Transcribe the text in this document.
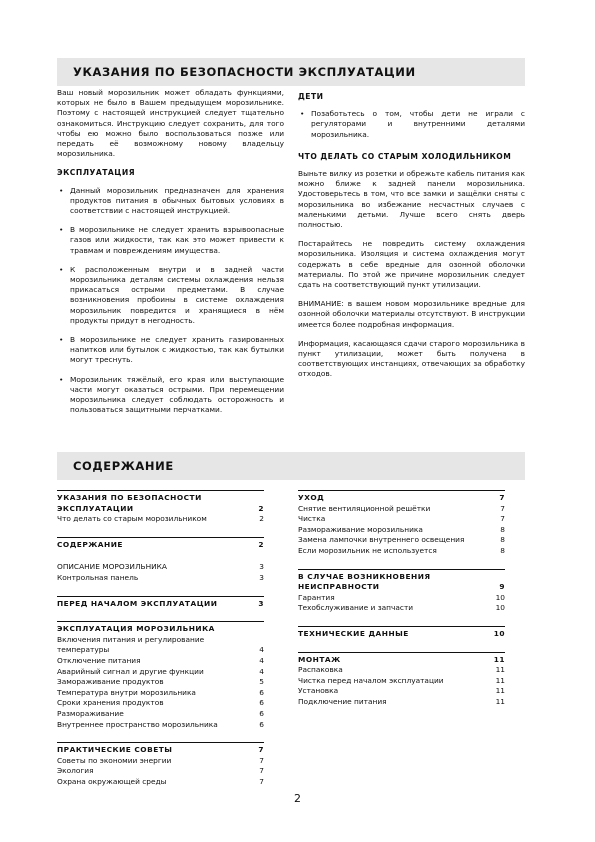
УКАЗАНИЯ ПО БЕЗОПАСНОСТИ ЭКСПЛУАТАЦИИ

Ваш новый морозильник может обладать функциями, которых не было в Вашем предыдущем морозильнике. Поэтому с настоящей инструкцией следует тщательно ознакомиться. Инструкцию следует сохранить, для того чтобы ею можно было воспользоваться позже или передать её возможному новому владельцу морозильника.

ЭКСПЛУАТАЦИЯ
• Данный морозильник предназначен для хранения продуктов питания в обычных бытовых условиях в соответствии с настоящей инструкцией.
• В морозильнике не следует хранить взрывоопасные газов или жидкости, так как это может привести к травмам и повреждениям имущества.
• К расположенным внутри и в задней части морозильника деталям системы охлаждения нельзя прикасаться острыми предметами. В случае возникновения пробоины в системе охлаждения морозильник повредится и хранящиеся в нём продукты придут в негодность.
• В морозильнике не следует хранить газированных напитков или бутылок с жидкостью, так как бутылки могут треснуть.
• Морозильник тяжёлый, его края или выступающие части могут оказаться острыми. При перемещении морозильника следует соблюдать осторожность и пользоваться защитными перчатками.
ДЕТИ
• Позаботьтесь о том, чтобы дети не играли с регуляторами и внутренними деталями морозильника.
ЧТО ДЕЛАТЬ СО СТАРЫМ ХОЛОДИЛЬНИКОМ

Выньте вилку из розетки и обрежьте кабель питания как можно ближе к задней панели морозильника. Удостоверьтесь в том, что все замки и защёлки сняты с морозильника во избежание несчастных случаев с маленькими детьми. Лучше всего снять дверь полностью.

Постарайтесь не повредить систему охлаждения морозильника. Изоляция и система охлаждения могут содержать в себе вредные для озонной оболочки материалы. По этой же причине морозильник следует сдать на соответствующий пункт утилизации.

ВНИМАНИЕ: в вашем новом морозильнике вредные для озонной оболочки материалы отсутствуют. В инструкции имеется более подробная информация.

Информация, касающаяся сдачи старого морозильника в пункт утилизации, может быть получена в соответствующих инстанциях, отвечающих за обработку отходов.

СОДЕРЖАНИЕ
УКАЗАНИЯ ПО БЕЗОПАСНОСТИ ЭКСПЛУАТАЦИИ	2
Что делать со старым морозильником	2
СОДЕРЖАНИЕ	2
ОПИСАНИЕ МОРОЗИЛЬНИКА	3
Контрольная панель	3
ПЕРЕД НАЧАЛОМ ЭКСПЛУАТАЦИИ	3
ЭКСПЛУАТАЦИЯ МОРОЗИЛЬНИКА
Включения питания и регулирование температуры	4
Отключение питания	4
Аварийный сигнал и другие функции	4
Замораживание продуктов	5
Температура внутри морозильника	6
Сроки хранения продуктов	6
Размораживание	6
Внутреннее пространство морозильника	6
ПРАКТИЧЕСКИЕ СОВЕТЫ	7
Советы по экономии энергии	7
Экология	7
Охрана окружающей среды	7
УХОД	7
Снятие вентиляционной решётки	7
Чистка	7
Размораживание морозильника	8
Замена лампочки внутреннего освещения	8
Если морозильник не используется	8
В СЛУЧАЕ ВОЗНИКНОВЕНИЯ НЕИСПРАВНОСТИ	9
Гарантия	10
Техобслуживание и запчасти	10
ТЕХНИЧЕСКИЕ ДАННЫЕ	10
МОНТАЖ	11
Распаковка	11
Чистка перед началом эксплуатации	11
Установка	11
Подключение питания	11
2
